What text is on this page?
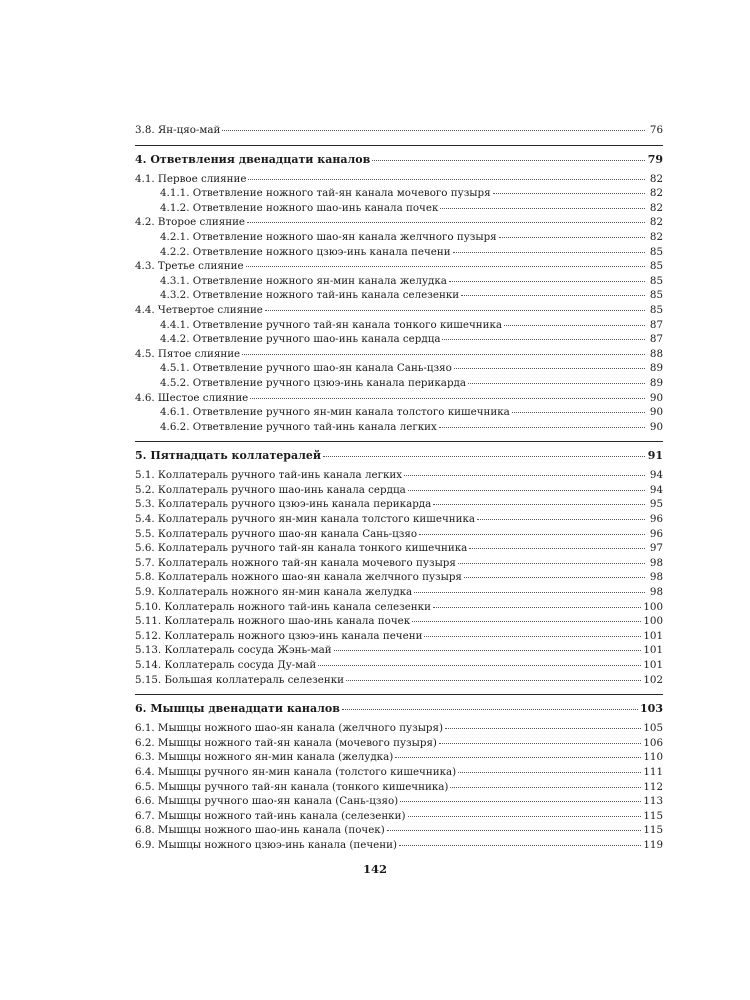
3.8. Ян-цяо-май	76
4. Ответвления двенадцати каналов	79
4.1. Первое слияние	82
4.1.1. Ответвление ножного тай-ян канала мочевого пузыря	82
4.1.2. Ответвление ножного шао-инь канала почек	82
4.2. Второе слияние	82
4.2.1. Ответвление ножного шао-ян канала желчного пузыря	82
4.2.2. Ответвление ножного цзюэ-инь канала печени	85
4.3. Третье слияние	85
4.3.1. Ответвление ножного ян-мин канала желудка	85
4.3.2. Ответвление ножного тай-инь канала селезенки	85
4.4. Четвертое слияние	85
4.4.1. Ответвление ручного тай-ян канала тонкого кишечника	87
4.4.2. Ответвление ручного шао-инь канала сердца	87
4.5. Пятое слияние	88
4.5.1. Ответвление ручного шао-ян канала Сань-цзяо	89
4.5.2. Ответвление ручного цзюэ-инь канала перикарда	89
4.6. Шестое слияние	90
4.6.1. Ответвление ручного ян-мин канала толстого кишечника	90
4.6.2. Ответвление ручного тай-инь канала легких	90
5. Пятнадцать коллатералей	91
5.1. Коллатераль ручного тай-инь канала легких	94
5.2. Коллатераль ручного шао-инь канала сердца	94
5.3. Коллатераль ручного цзюэ-инь канала перикарда	95
5.4. Коллатераль ручного ян-мин канала толстого кишечника	96
5.5. Коллатераль ручного шао-ян канала Сань-цзяо	96
5.6. Коллатераль ручного тай-ян канала тонкого кишечника	97
5.7. Коллатераль ножного тай-ян канала мочевого пузыря	98
5.8. Коллатераль ножного шао-ян канала желчного пузыря	98
5.9. Коллатераль ножного ян-мин канала желудка	98
5.10. Коллатераль ножного тай-инь канала селезенки	100
5.11. Коллатераль ножного шао-инь канала почек	100
5.12. Коллатераль ножного цзюэ-инь канала печени	101
5.13. Коллатераль сосуда Жэнь-май	101
5.14. Коллатераль сосуда Ду-май	101
5.15. Большая коллатераль селезенки	102
6. Мышцы двенадцати каналов	103
6.1. Мышцы ножного шао-ян канала (желчного пузыря)	105
6.2. Мышцы ножного тай-ян канала (мочевого пузыря)	106
6.3. Мышцы ножного ян-мин канала (желудка)	110
6.4. Мышцы ручного ян-мин канала (толстого кишечника)	111
6.5. Мышцы ручного тай-ян канала (тонкого кишечника)	112
6.6. Мышцы ручного шао-ян канала (Сань-цзяо)	113
6.7. Мышцы ножного тай-инь канала (селезенки)	115
6.8. Мышцы ножного шао-инь канала (почек)	115
6.9. Мышцы ножного цзюэ-инь канала (печени)	119
142
